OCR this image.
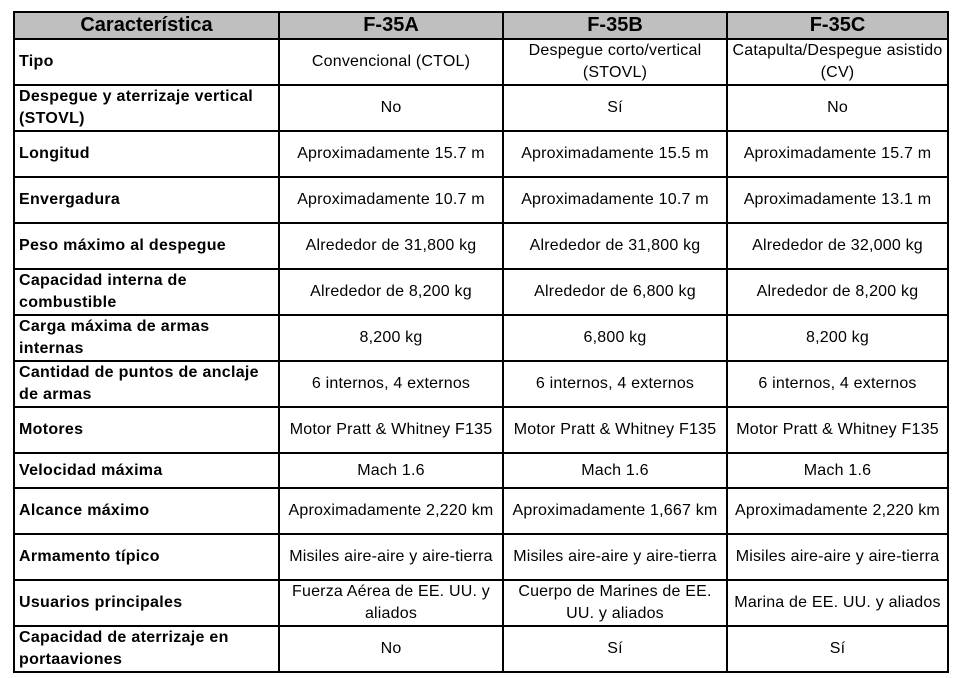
Característica	F-35A	F-35B	F-35C
Tipo	Convencional (CTOL)	Despegue corto/vertical (STOVL)	Catapulta/Despegue asistido (CV)
Despegue y aterrizaje vertical (STOVL)	No	Sí	No
Longitud	Aproximadamente 15.7 m	Aproximadamente 15.5 m	Aproximadamente 15.7 m
Envergadura	Aproximadamente 10.7 m	Aproximadamente 10.7 m	Aproximadamente 13.1 m
Peso máximo al despegue	Alrededor de 31,800 kg	Alrededor de 31,800 kg	Alrededor de 32,000 kg
Capacidad interna de combustible	Alrededor de 8,200 kg	Alrededor de 6,800 kg	Alrededor de 8,200 kg
Carga máxima de armas internas	8,200 kg	6,800 kg	8,200 kg
Cantidad de puntos de anclaje de armas	6 internos, 4 externos	6 internos, 4 externos	6 internos, 4 externos
Motores	Motor Pratt & Whitney F135	Motor Pratt & Whitney F135	Motor Pratt & Whitney F135
Velocidad máxima	Mach 1.6	Mach 1.6	Mach 1.6
Alcance máximo	Aproximadamente 2,220 km	Aproximadamente 1,667 km	Aproximadamente 2,220 km
Armamento típico	Misiles aire-aire y aire-tierra	Misiles aire-aire y aire-tierra	Misiles aire-aire y aire-tierra
Usuarios principales	Fuerza Aérea de EE. UU. y aliados	Cuerpo de Marines de EE. UU. y aliados	Marina de EE. UU. y aliados
Capacidad de aterrizaje en portaaviones	No	Sí	Sí
